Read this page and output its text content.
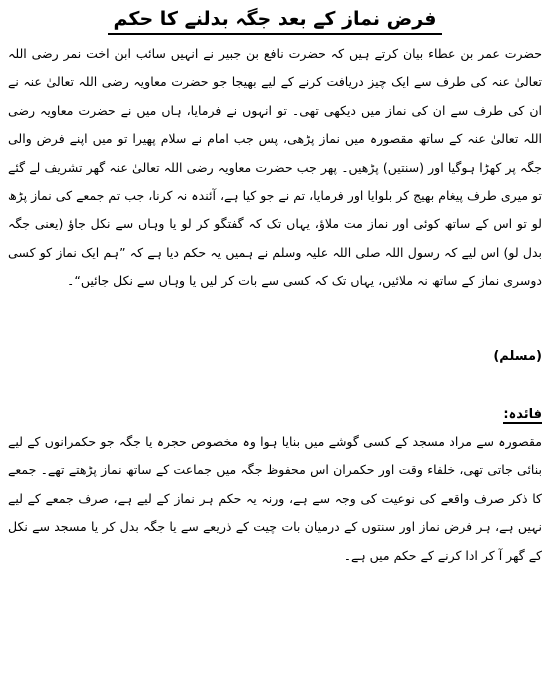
فرض نماز کے بعد جگہ بدلنے کا حکم

حضرت عمر بن عطاء بیان کرتے ہیں کہ حضرت نافع بن جبیر نے انہیں سائب ابن اخت نمر رضی اللہ تعالیٰ عنہ کی طرف سے ایک چیز دریافت کرنے کے لیے بھیجا جو حضرت معاویہ رضی اللہ تعالیٰ عنہ نے ان کی طرف سے ان کی نماز میں دیکھی تھی۔ تو انہوں نے فرمایا، ہاں میں نے حضرت معاویہ رضی اللہ تعالیٰ عنہ کے ساتھ مقصورہ میں نماز پڑھی، پس جب امام نے سلام پھیرا تو میں اپنے فرض والی جگہ پر کھڑا ہوگیا اور (سنتیں) پڑھیں۔ پھر جب حضرت معاویہ رضی اللہ تعالیٰ عنہ گھر تشریف لے گئے تو میری طرف پیغام بھیج کر بلوایا اور فرمایا، تم نے جو کیا ہے، آئندہ نہ کرنا، جب تم جمعے کی نماز پڑھ لو تو اس کے ساتھ کوئی اور نماز مت ملاؤ، یہاں تک کہ گفتگو کر لو یا وہاں سے نکل جاؤ (یعنی جگہ بدل لو) اس لیے کہ رسول اللہ صلی اللہ علیہ وسلم نے ہمیں یہ حکم دیا ہے کہ ”ہم ایک نماز کو کسی دوسری نماز کے ساتھ نہ ملائیں، یہاں تک کہ کسی سے بات کر لیں یا وہاں سے نکل جائیں“۔

(مسلم)
فائدہ:

مقصورہ سے مراد مسجد کے کسی گوشے میں بنایا ہوا وہ مخصوص حجرہ یا جگہ جو حکمرانوں کے لیے بنائی جاتی تھی، خلفاء وقت اور حکمران اس محفوظ جگہ میں جماعت کے ساتھ نماز پڑھتے تھے۔ جمعے کا ذکر صرف واقعے کی نوعیت کی وجہ سے ہے، ورنہ یہ حکم ہر نماز کے لیے ہے، صرف جمعے کے لیے نہیں ہے، ہر فرض نماز اور سنتوں کے درمیان بات چیت کے ذریعے سے یا جگہ بدل کر یا مسجد سے نکل کے گھر آ کر ادا کرنے کے حکم میں ہے۔
